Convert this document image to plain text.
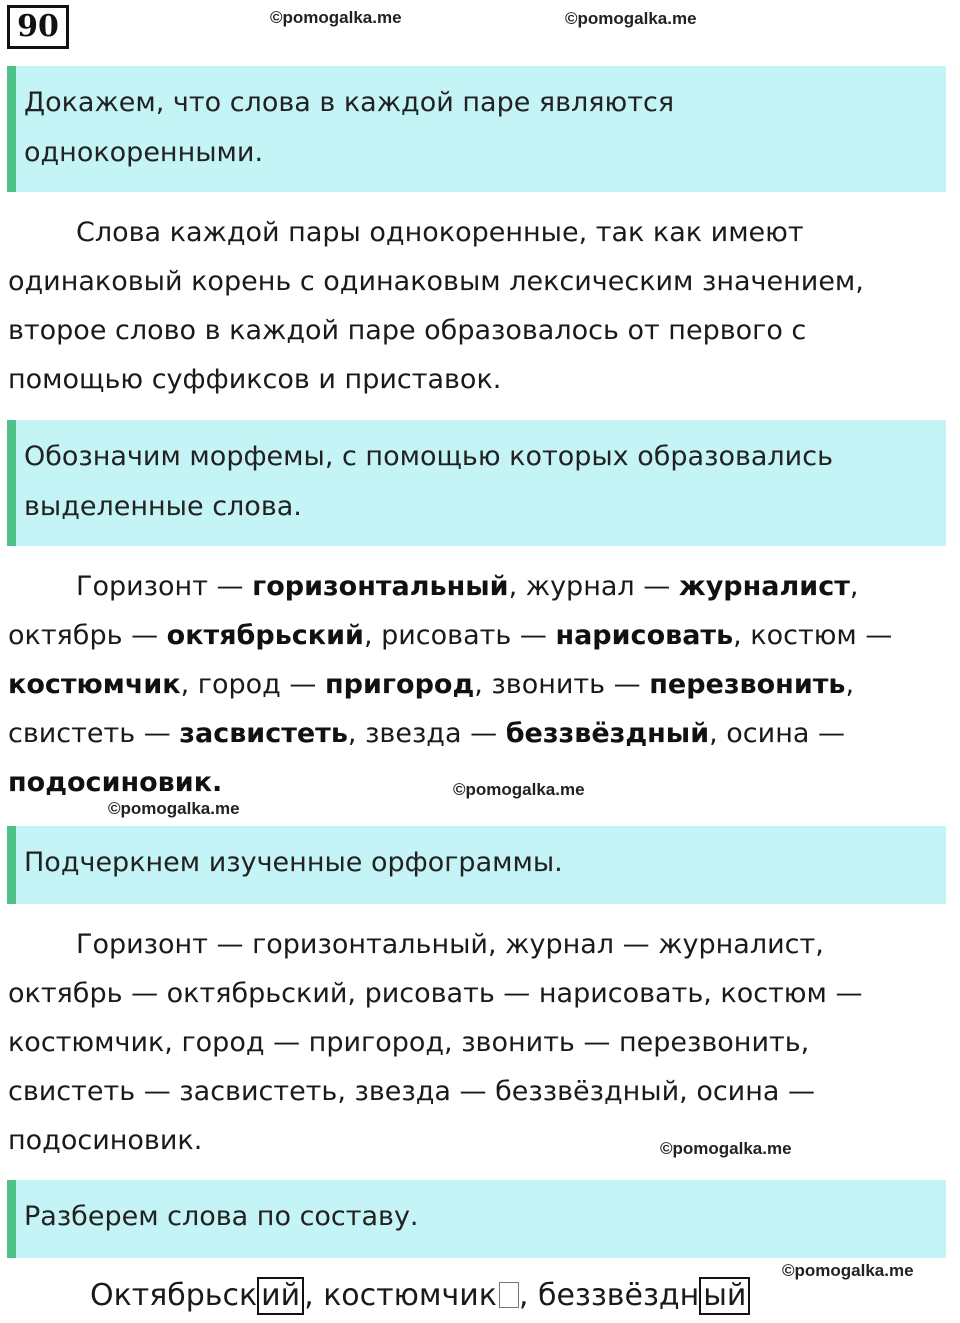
90	©pomogalka.me	©pomogalka.me
Докажем, что слова в каждой паре являются
однокоренными.
Слова каждой пары однокоренные, так как имеют
одинаковый корень с одинаковым лексическим значением,
второе слово в каждой паре образовалось от первого с
помощью суффиксов и приставок.
Обозначим морфемы, с помощью которых образовались
выделенные слова.
Горизонт — горизонтальный, журнал — журналист,
октябрь — октябрьский, рисовать — нарисовать, костюм —
костюмчик, город — пригород, звонить — перезвонить,
свистеть — засвистеть, звезда — беззвёздный, осина —
подосиновик.
©pomogalka.me
©pomogalka.me
Подчеркнем изученные орфограммы.
Горизонт — горизонтальный, журнал — журналист,
октябрь — октябрьский, рисовать — нарисовать, костюм —
костюмчик, город — пригород, звонить — перезвонить,
свистеть — засвистеть, звезда — беззвёздный, осина —
подосиновик.	©pomogalka.me
Разберем слова по составу.
©pomogalka.me
Октябрьск ий , костюмчик , беззвёздн ый
